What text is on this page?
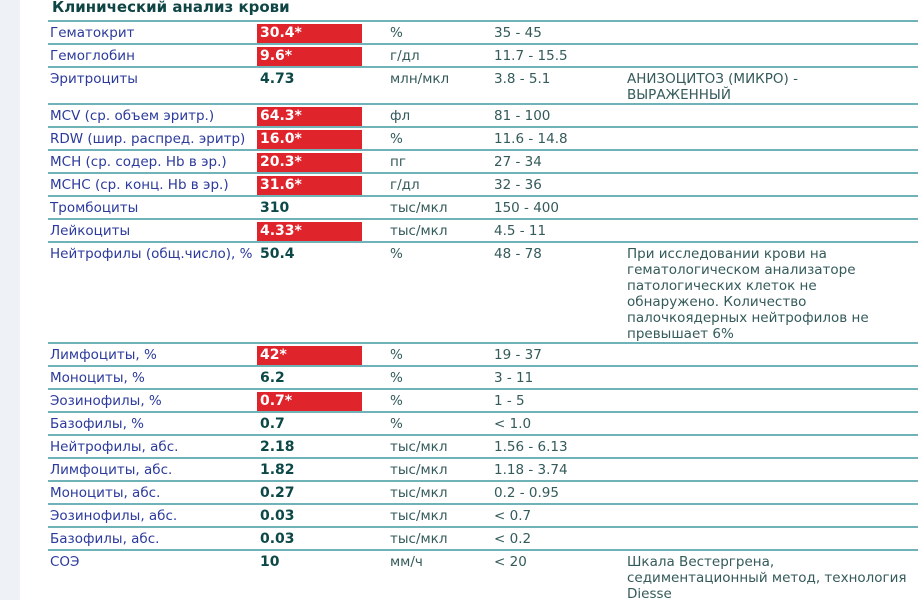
Клинический анализ крови
Гематокрит	30.4*	%	35 - 45
Гемоглобин	9.6*	г/дл	11.7 - 15.5
Эритроциты	4.73	млн/мкл	3.8 - 5.1	АНИЗОЦИТОЗ (МИКРО) -
ВЫРАЖЕННЫЙ
MCV (ср. объем эритр.)	64.3*	фл	81 - 100
RDW (шир. распред. эритр)	16.0*	%	11.6 - 14.8
MCH (ср. содер. Hb в эр.)	20.3*	пг	27 - 34
MCHC (ср. конц. Hb в эр.)	31.6*	г/дл	32 - 36
Тромбоциты	310	тыс/мкл	150 - 400
Лейкоциты	4.33*	тыс/мкл	4.5 - 11
Нейтрофилы (общ.число), % 50.4	%	48 - 78	При исследовании крови на
гематологическом анализаторе
патологических клеток не
обнаружено. Количество
палочкоядерных нейтрофилов не
превышает 6%
Лимфоциты, %	42*	%	19 - 37
Моноциты, %	6.2	%	3 - 11
Эозинофилы, %	0.7*	%	1 - 5
Базофилы, %	0.7	%	< 1.0
Нейтрофилы, абс.	2.18	тыс/мкл	1.56 - 6.13
Лимфоциты, абс.	1.82	тыс/мкл	1.18 - 3.74
Моноциты, абс.	0.27	тыс/мкл	0.2 - 0.95
Эозинофилы, абс.	0.03	тыс/мкл	< 0.7
Базофилы, абс.	0.03	тыс/мкл	< 0.2
СОЭ	10	мм/ч	< 20	Шкала Вестергрена,
седиментационный метод, технология
Diesse
